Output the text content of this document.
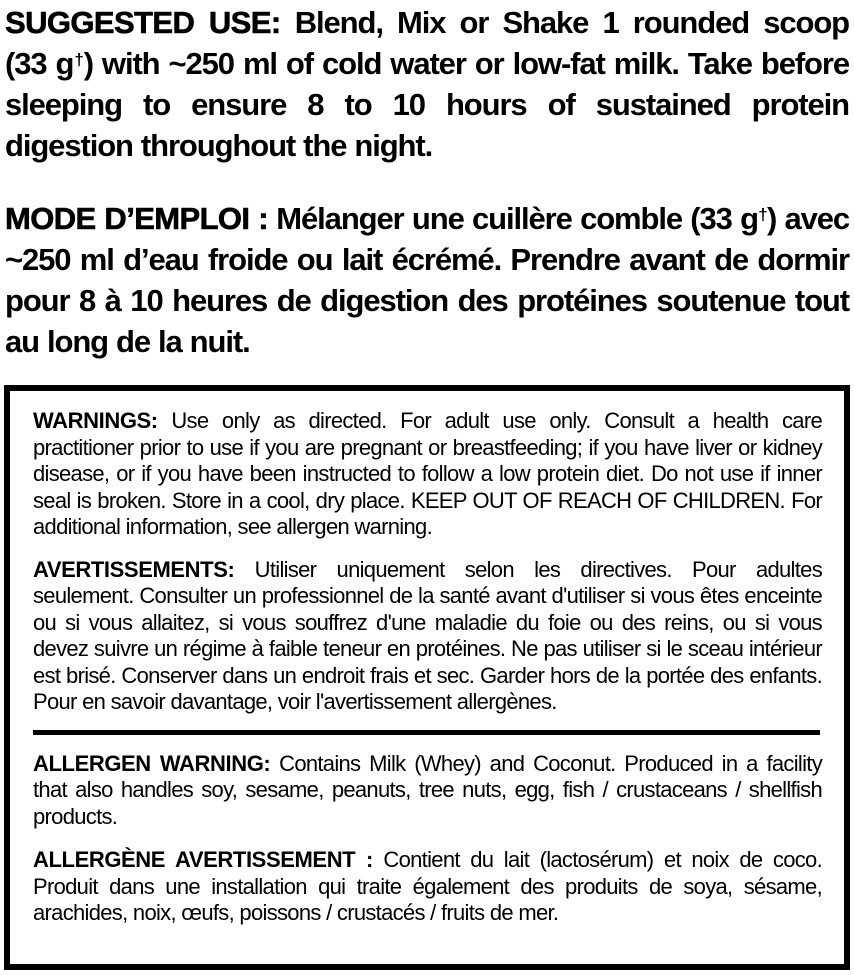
SUGGESTED USE: Blend, Mix or Shake 1 rounded scoop (33 g†) with ~250 ml of cold water or low-fat milk. Take before sleeping to ensure 8 to 10 hours of sustained protein digestion throughout the night.

MODE D’EMPLOI : Mélanger une cuillère comble (33 g†) avec ~250 ml d’eau froide ou lait écrémé. Prendre avant de dormir pour 8 à 10 heures de digestion des protéines soutenue tout au long de la nuit.

WARNINGS: Use only as directed. For adult use only. Consult a health care practitioner prior to use if you are pregnant or breastfeeding; if you have liver or kidney disease, or if you have been instructed to follow a low protein diet. Do not use if inner seal is broken. Store in a cool, dry place. KEEP OUT OF REACH OF CHILDREN. For additional information, see allergen warning.

AVERTISSEMENTS: Utiliser uniquement selon les directives. Pour adultes seulement. Consulter un professionnel de la santé avant d'utiliser si vous êtes enceinte ou si vous allaitez, si vous souffrez d'une maladie du foie ou des reins, ou si vous devez suivre un régime à faible teneur en protéines. Ne pas utiliser si le sceau intérieur est brisé. Conserver dans un endroit frais et sec. Garder hors de la portée des enfants. Pour en savoir davantage, voir l'avertissement allergènes.

ALLERGEN WARNING: Contains Milk (Whey) and Coconut. Produced in a facility that also handles soy, sesame, peanuts, tree nuts, egg, fish / crustaceans / shellfish products.

ALLERGÈNE AVERTISSEMENT : Contient du lait (lactosérum) et noix de coco. Produit dans une installation qui traite également des produits de soya, sésame, arachides, noix, œufs, poissons / crustacés / fruits de mer.
